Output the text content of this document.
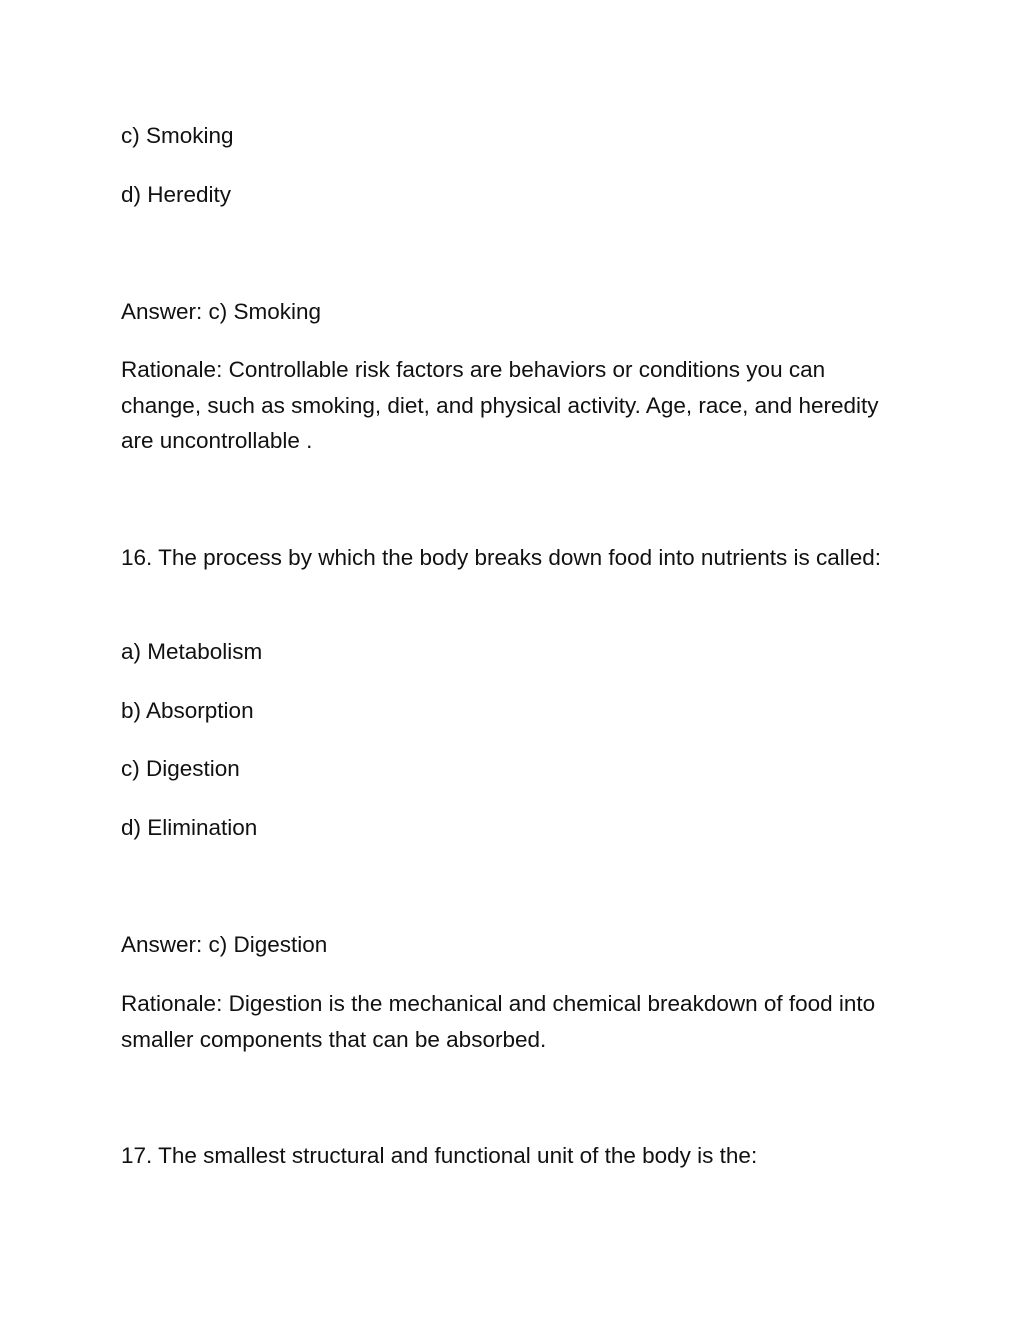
c) Smoking

d) Heredity

Answer: c) Smoking

Rationale: Controllable risk factors are behaviors or conditions you can change, such as smoking, diet, and physical activity. Age, race, and heredity are uncontrollable .

16. The process by which the body breaks down food into nutrients is called:

a) Metabolism

b) Absorption

c) Digestion

d) Elimination

Answer: c) Digestion

Rationale: Digestion is the mechanical and chemical breakdown of food into smaller components that can be absorbed.

17. The smallest structural and functional unit of the body is the:
